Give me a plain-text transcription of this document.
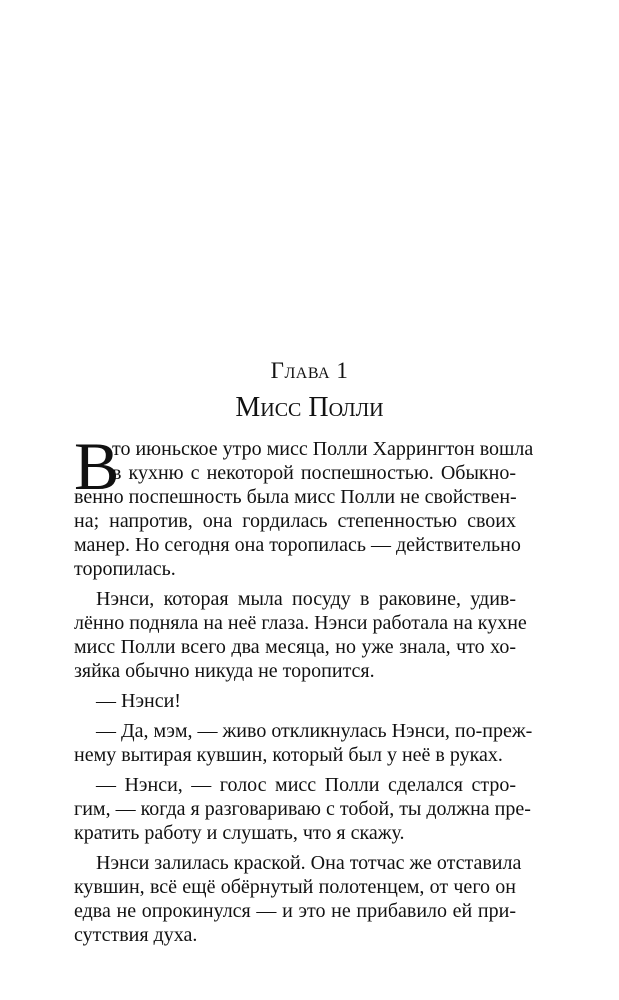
Глава 1
Мисс Полли
В
то июньское утро мисс Полли Харрингтон вошла
в кухню с некоторой поспешностью. Обыкно-
венно поспешность была мисс Полли не свойствен-
на; напротив, она гордилась степенностью своих
манер. Но сегодня она торопилась — действительно
торопилась.
Нэнси, которая мыла посуду в раковине, удив-
лённо подняла на неё глаза. Нэнси работала на кухне
мисс Полли всего два месяца, но уже знала, что хо-
зяйка обычно никуда не торопится.
— Нэнси!
— Да, мэм, — живо откликнулась Нэнси, по-преж-
нему вытирая кувшин, который был у неё в руках.
— Нэнси, — голос мисс Полли сделался стро-
гим, — когда я разговариваю с тобой, ты должна пре-
кратить работу и слушать, что я скажу.
Нэнси залилась краской. Она тотчас же отставила
кувшин, всё ещё обёрнутый полотенцем, от чего он
едва не опрокинулся — и это не прибавило ей при-
сутствия духа.
